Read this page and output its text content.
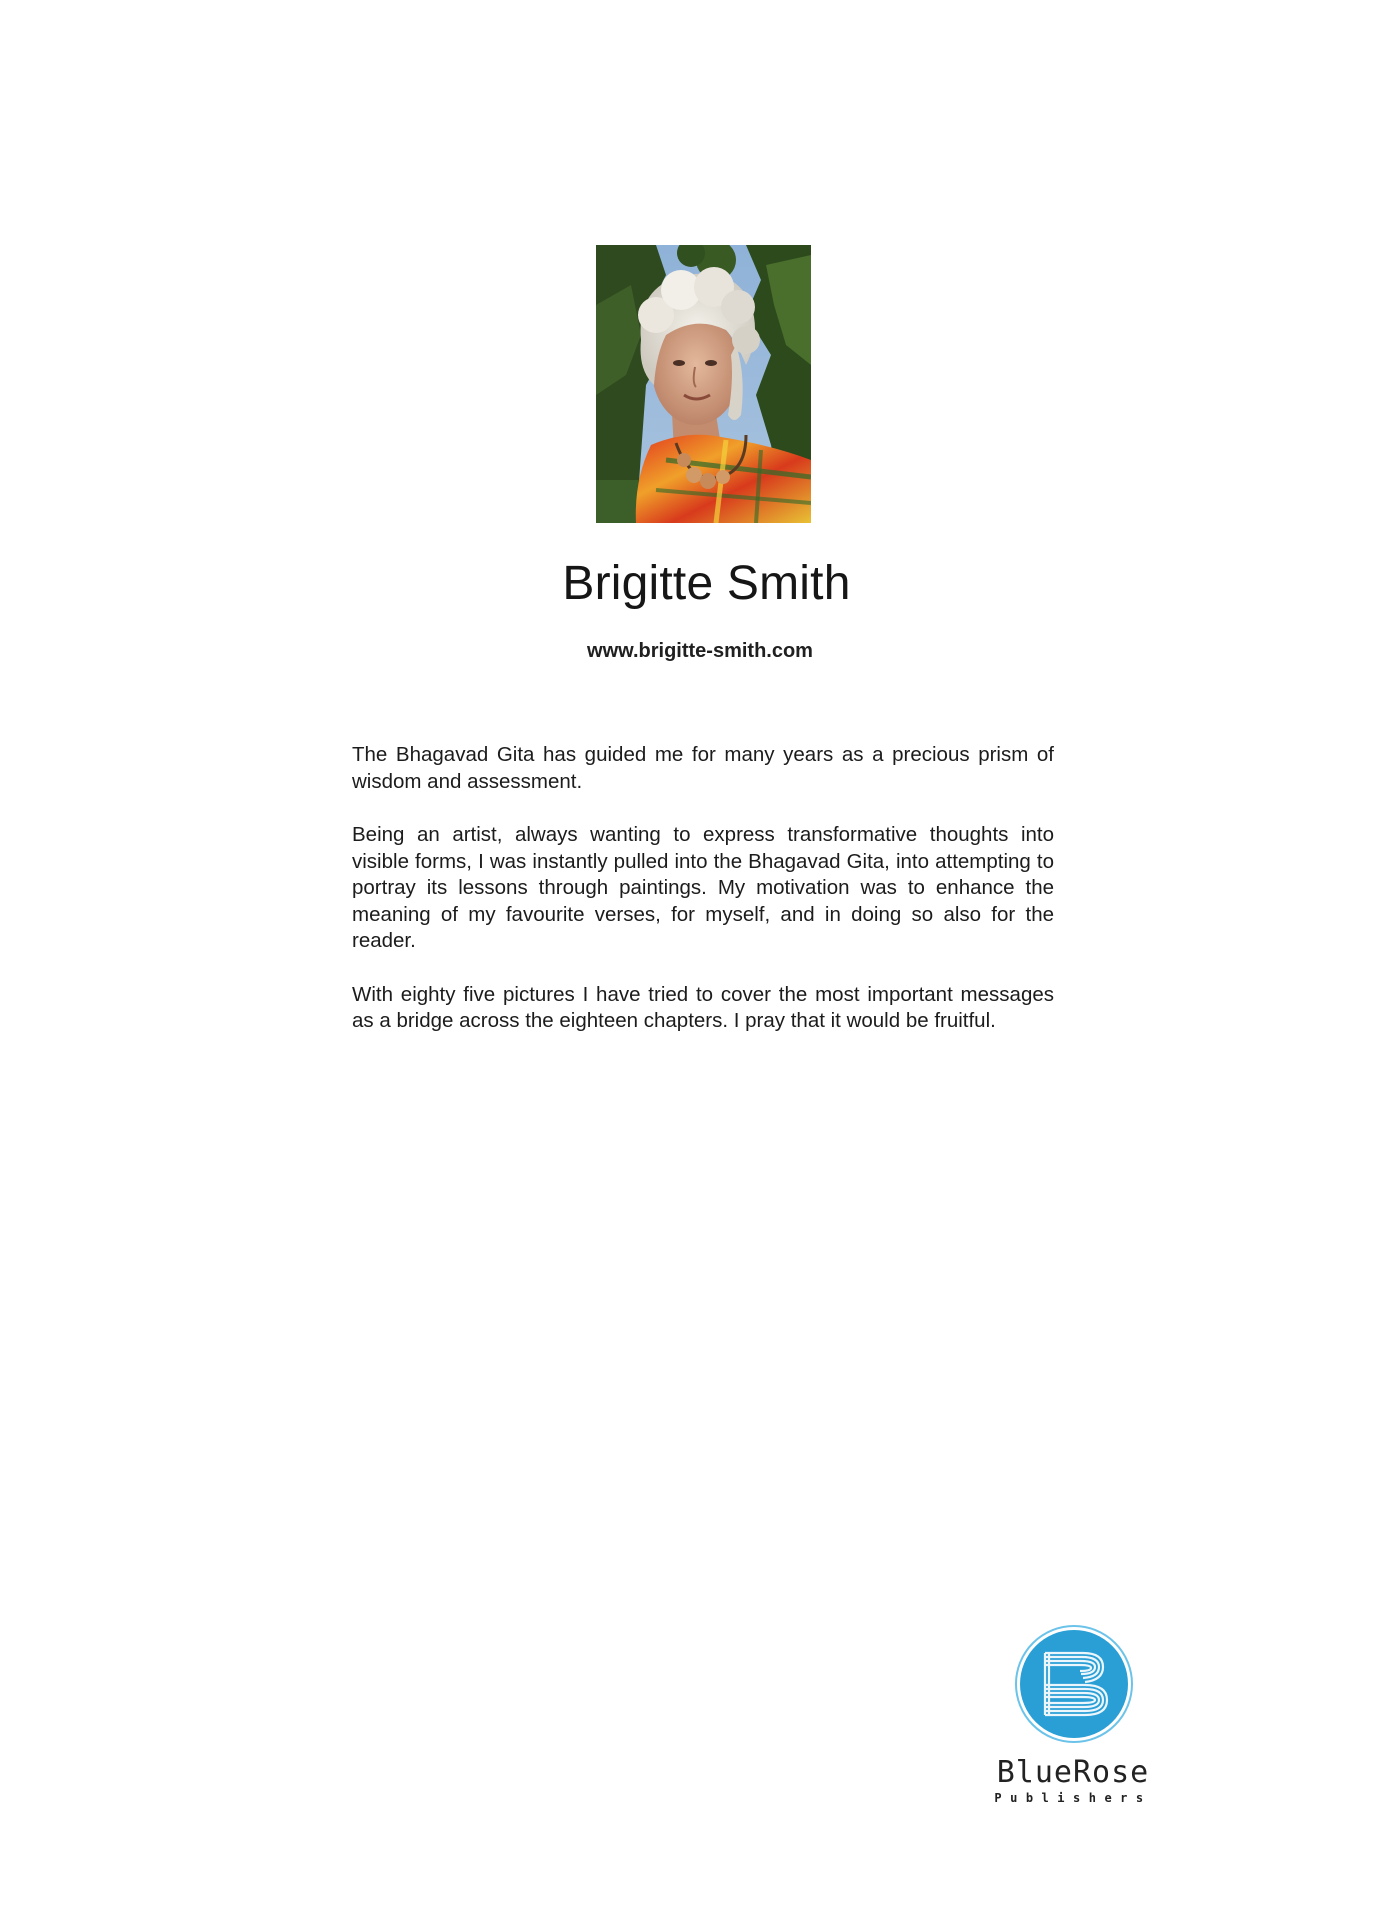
Brigitte Smith

www.brigitte-smith.com

The Bhagavad Gita has guided me for many years as a precious prism of wisdom and assessment.

Being an artist, always wanting to express transformative thoughts into visible forms, I was instantly pulled into the Bhagavad Gita, into attempting to portray its lessons through paintings. My motivation was to enhance the meaning of my favourite verses, for myself, and in doing so also for the reader.

With eighty five pictures I have tried to cover the most important messages as a bridge across the eighteen chapters. I pray that it would be fruitful.

BlueRose

Publishers
